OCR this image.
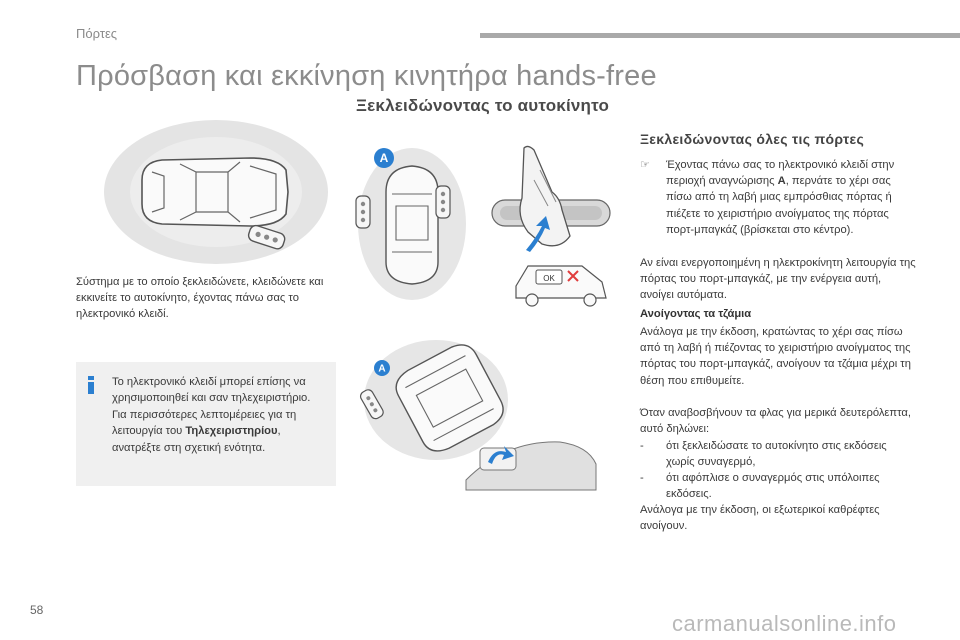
Πόρτες
Πρόσβαση και εκκίνηση κινητήρα hands-free
Ξεκλειδώνοντας το αυτοκίνητο
Σύστημα με το οποίο ξεκλειδώνετε, κλειδώνετε και εκκινείτε το αυτοκίνητο, έχοντας πάνω σας το ηλεκτρονικό κλειδί.
Το ηλεκτρονικό κλειδί μπορεί επίσης να χρησιμοποιηθεί και σαν τηλεχειριστήριο.
Για περισσότερες λεπτομέρειες για τη λειτουργία του Τηλεχειριστηρίου, ανατρέξτε στη σχετική ενότητα.
A
OK
A
Ξεκλειδώνοντας όλες τις πόρτες
☞ Έχοντας πάνω σας το ηλεκτρονικό κλειδί στην περιοχή αναγνώρισης A, περνάτε το χέρι σας πίσω από τη λαβή μιας εμπρόσθιας πόρτας ή πιέζετε το χειριστήριο ανοίγματος της πόρτας πορτ-μπαγκάζ (βρίσκεται στο κέντρο).
Αν είναι ενεργοποιημένη η ηλεκτροκίνητη λειτουργία της πόρτας του πορτ-μπαγκάζ, με την ενέργεια αυτή, ανοίγει αυτόματα.
Ανοίγοντας τα τζάμια
Ανάλογα με την έκδοση, κρατώντας το χέρι σας πίσω από τη λαβή ή πιέζοντας το χειριστήριο ανοίγματος της πόρτας του πορτ-μπαγκάζ, ανοίγουν τα τζάμια μέχρι τη θέση που επιθυμείτε.
Όταν αναβοσβήνουν τα φλας για μερικά δευτερόλεπτα, αυτό δηλώνει:
- ότι ξεκλειδώσατε το αυτοκίνητο στις εκδόσεις χωρίς συναγερμό,
- ότι αφόπλισε ο συναγερμός στις υπόλοιπες εκδόσεις.
Ανάλογα με την έκδοση, οι εξωτερικοί καθρέφτες ανοίγουν.
58
carmanualsonline.info
